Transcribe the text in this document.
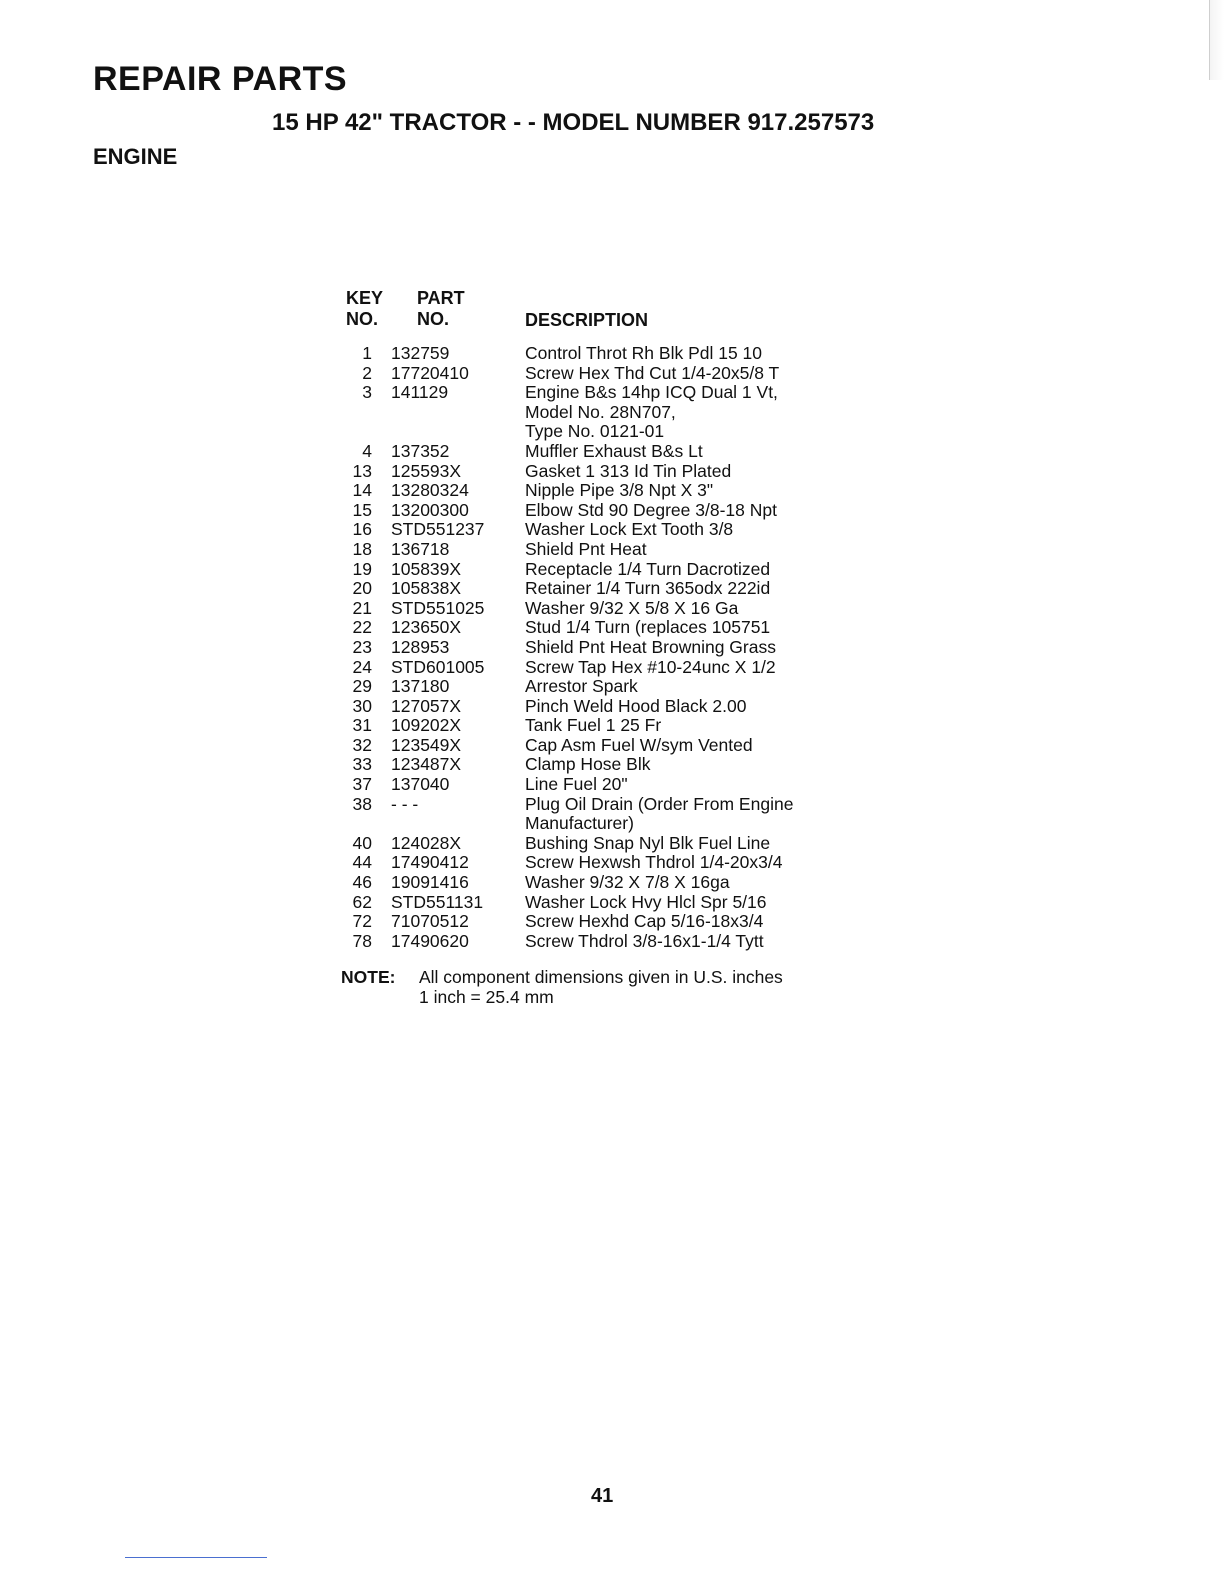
REPAIR PARTS
15 HP 42" TRACTOR - - MODEL NUMBER 917.257573
ENGINE
KEY
NO.
PART
NO.	DESCRIPTION
1 132759	Control Throt Rh Blk Pdl 15 10
2 17720410	Screw Hex Thd Cut 1/4-20x5/8 T
3 141129	Engine B&s 14hp ICQ Dual 1 Vt,
Model No. 28N707,
Type No. 0121-01
4 137352	Muffler Exhaust B&s Lt
13 125593X	Gasket 1 313 Id Tin Plated
14 13280324	Nipple Pipe 3/8 Npt X 3"
15 13200300	Elbow Std 90 Degree 3/8-18 Npt
16 STD551237	Washer Lock Ext Tooth 3/8
18 136718	Shield Pnt Heat
19 105839X	Receptacle 1/4 Turn Dacrotized
20 105838X	Retainer 1/4 Turn 365odx 222id
21 STD551025	Washer 9/32 X 5/8 X 16 Ga
22 123650X	Stud 1/4 Turn (replaces 105751
23 128953	Shield Pnt Heat Browning Grass
24 STD601005	Screw Tap Hex #10-24unc X 1/2
29 137180	Arrestor Spark
30 127057X	Pinch Weld Hood Black 2.00
31 109202X	Tank Fuel 1 25 Fr
32 123549X	Cap Asm Fuel W/sym Vented
33 123487X	Clamp Hose Blk
37 137040	Line Fuel 20"
38 - - -	Plug Oil Drain (Order From Engine
Manufacturer)
40 124028X	Bushing Snap Nyl Blk Fuel Line
44 17490412	Screw Hexwsh Thdrol 1/4-20x3/4
46 19091416	Washer 9/32 X 7/8 X 16ga
62 STD551131	Washer Lock Hvy Hlcl Spr 5/16
72 71070512	Screw Hexhd Cap 5/16-18x3/4
78 17490620	Screw Thdrol 3/8-16x1-1/4 Tytt
NOTE:	All component dimensions given in U.S. inches
1 inch = 25.4 mm
41
